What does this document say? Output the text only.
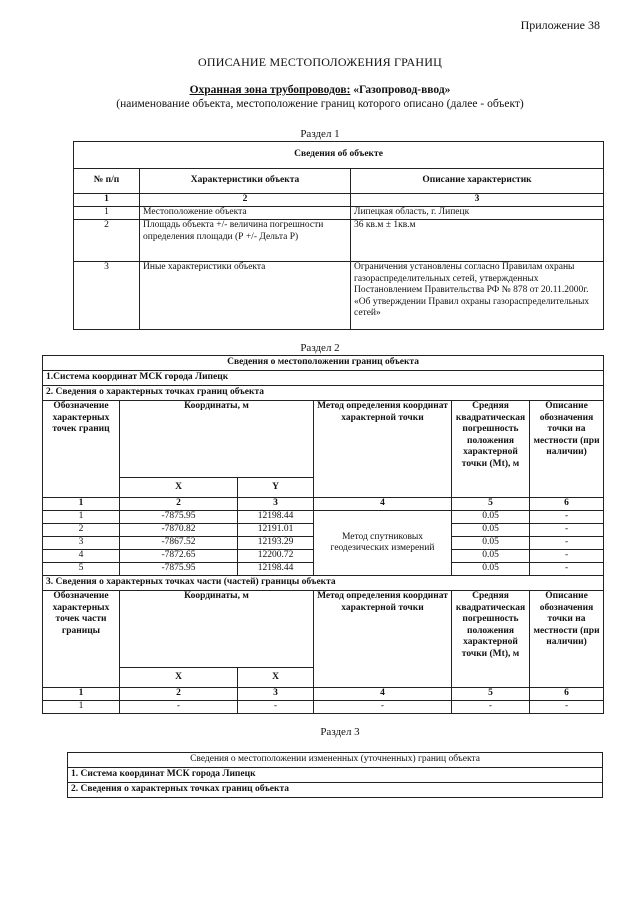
Приложение 38
ОПИСАНИЕ МЕСТОПОЛОЖЕНИЯ ГРАНИЦ
Охранная зона трубопроводов: «Газопровод-ввод»
(наименование объекта, местоположение границ которого описано (далее - объект)
Раздел 1
Сведения об объекте		
№ п/п	Характеристики объекта	Описание характеристик
1	2	3
1	Местоположение объекта	Липецкая область, г. Липецк
2	Площадь объекта +/- величина погрешности определения площади (Р +/- Дельта Р)	36 кв.м ± 1кв.м
3	Иные характеристики объекта	Ограничения установлены согласно Правилам охраны газораспределительных сетей, утвержденных Постановлением Правительства РФ № 878 от 20.11.2000г. «Об утверждении Правил охраны газораспределительных сетей»
Раздел 2
Сведения о местоположении границ объекта					
1.Система координат МСК города Липецк					
2. Сведения о характерных точках границ объекта					
Обозначение характерных точек границ	Координаты, м		Метод определения координат характерной точки	Средняя квадратическая погрешность положения характерной точки (Mt), м	Описание обозначения точки на местности (при наличии)
	X	Y			
1	2	3	4	5	6
1	-7875.95	12198.44	Метод спутниковых геодезических измерений	0.05	-
2	-7870.82	12191.01		0.05	-
3	-7867.52	12193.29		0.05	-
4	-7872.65	12200.72		0.05	-
5	-7875.95	12198.44		0.05	-
3. Сведения о характерных точках части (частей) границы объекта					
Обозначение характерных точек части границы	Координаты, м		Метод определения координат характерной точки	Средняя квадратическая погрешность положения характерной точки (Mt), м	Описание обозначения точки на местности (при наличии)
	X	X			
1	2	3	4	5	6
1	-	-	-	-	-
Раздел 3
Сведения о местоположении измененных (уточненных) границ объекта
1. Система координат МСК города Липецк
2. Сведения о характерных точках границ объекта
